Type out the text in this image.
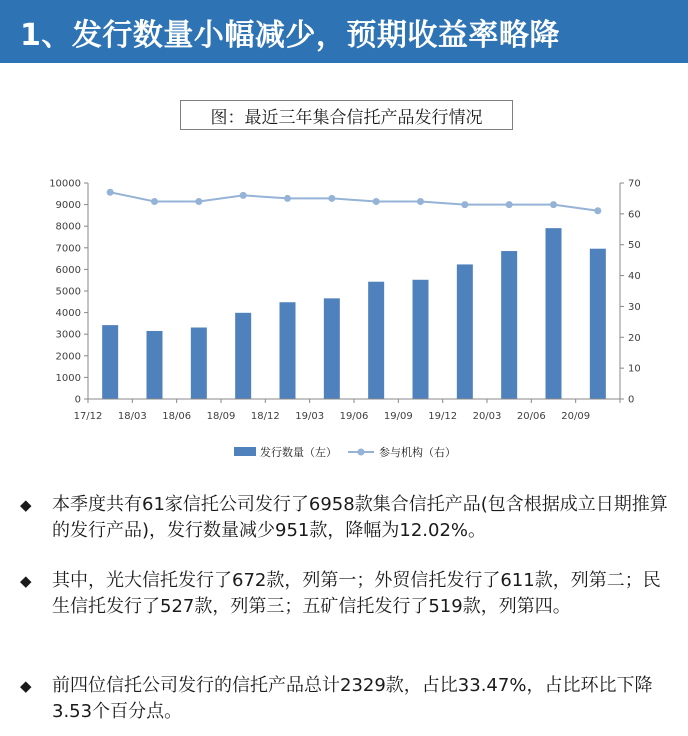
1、发行数量小幅减少，预期收益率略降
图：最近三年集合信托产品发行情况
0
1000
2000
3000
4000
5000
6000
7000
8000
9000
10000
0
10
20
30
40
50
60
70
17/12 18/03 18/06 18/09 18/12 19/03 19/06 19/09 19/12 20/03 20/06 20/09
发行数量（左）	参与机构（右）
◆ 本季度共有61家信托公司发行了6958款集合信托产品(包含根据成立日期推算的发行产品)，发行数量减少951款，降幅为12.02%。
◆ 其中，光大信托发行了672款，列第一；外贸信托发行了611款，列第二；民生信托发行了527款，列第三；五矿信托发行了519款，列第四。
◆ 前四位信托公司发行的信托产品总计2329款，占比33.47%，占比环比下降3.53个百分点。
